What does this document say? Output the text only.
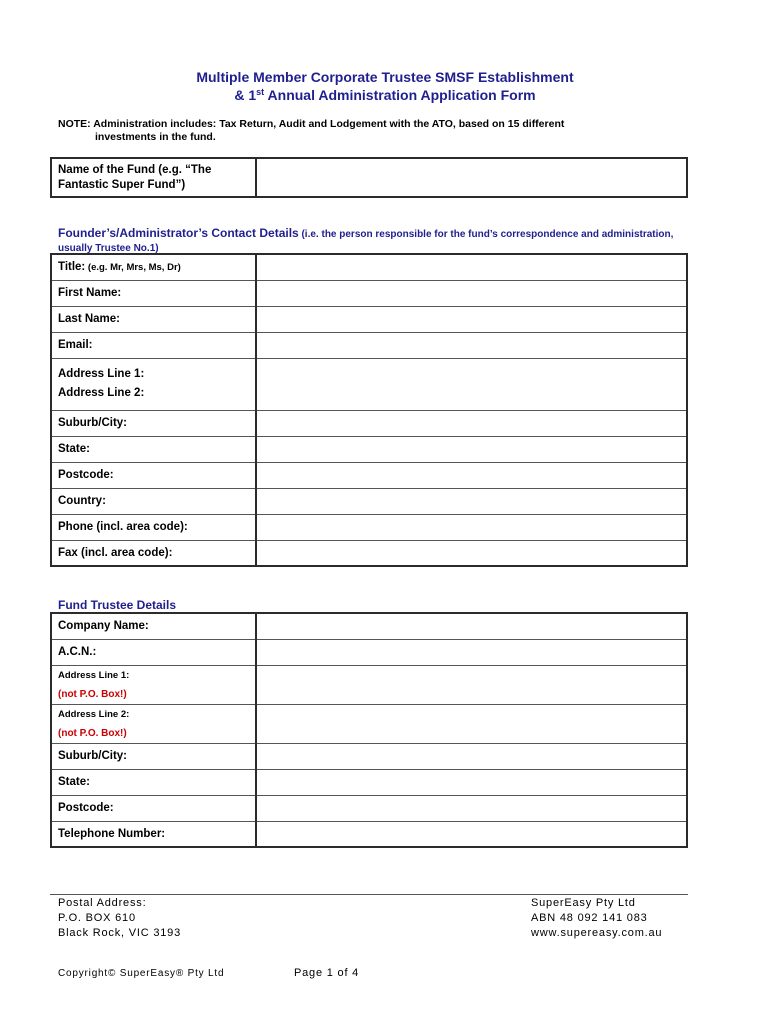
Multiple Member Corporate Trustee SMSF Establishment
& 1st Annual Administration Application Form
NOTE: Administration includes: Tax Return, Audit and Lodgement with the ATO, based on 15 different
investments in the fund.
Name of the Fund (e.g. “The
Fantastic Super Fund”)	
Founder’s/Administrator’s Contact Details (i.e. the person responsible for the fund’s correspondence and administration, usually Trustee No.1)
Title: (e.g. Mr, Mrs, Ms, Dr)	
First Name:	
Last Name:	
Email:	
Address Line 1:
Address Line 2:	
Suburb/City:	
State:	
Postcode:	
Country:	
Phone (incl. area code):	
Fax (incl. area code):	
Fund Trustee Details
Company Name:	
A.C.N.:	
Address Line 1:
(not P.O. Box!)	
Address Line 2:
(not P.O. Box!)	
Suburb/City:	
State:	
Postcode:	
Telephone Number:	
Postal Address:
P.O. BOX 610
Black Rock, VIC 3193
SuperEasy Pty Ltd
ABN 48 092 141 083
www.supereasy.com.au
Copyright© SuperEasy® Pty Ltd	Page 1 of 4
